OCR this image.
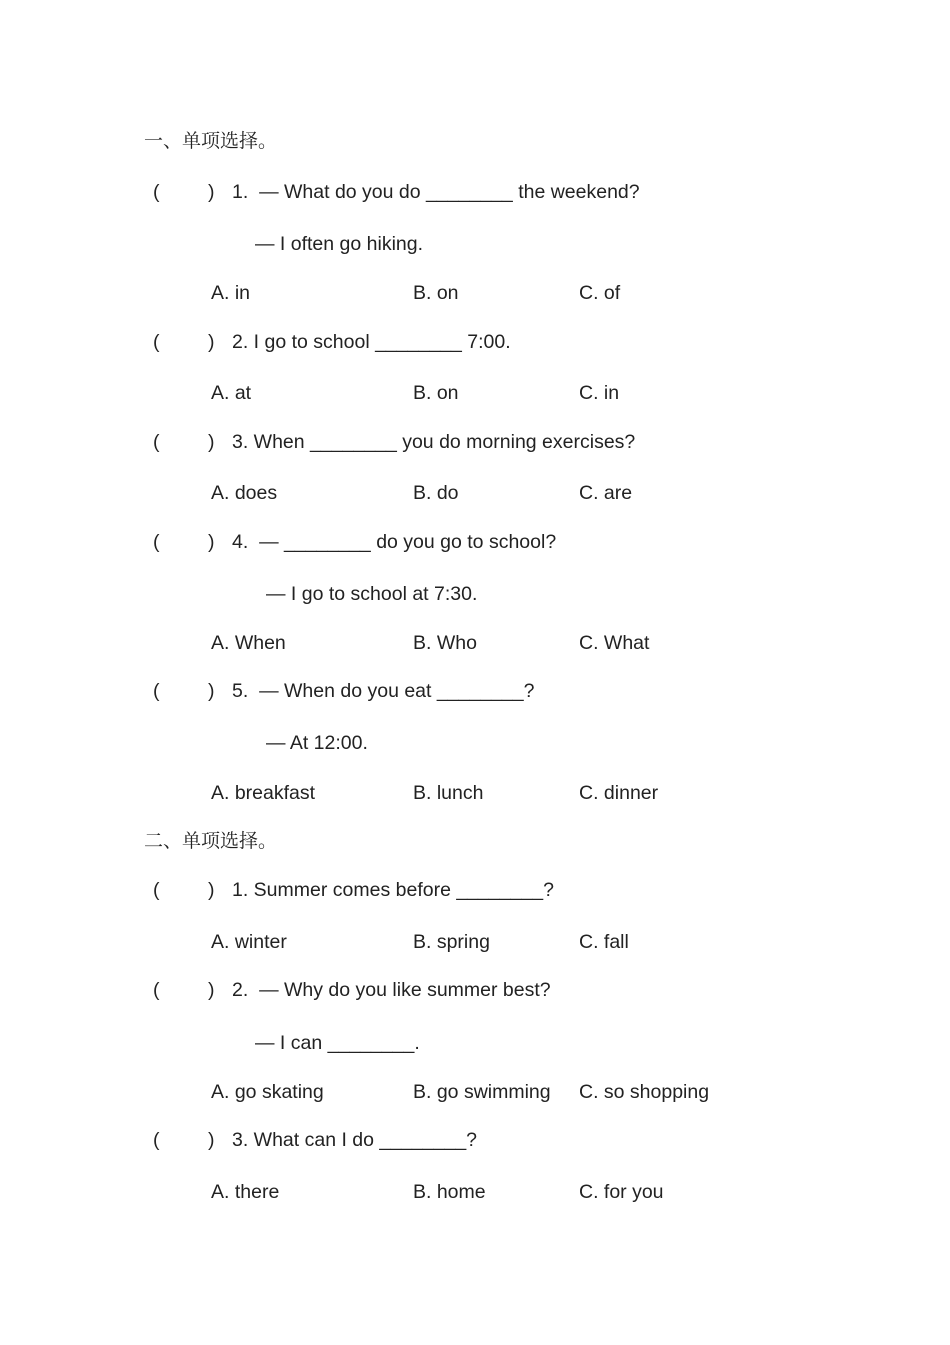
一、单项选择。
( ) 1.  — What do you do ________ the weekend?
— I often go hiking.
A. in	B. on	C. of
( ) 2. I go to school ________ 7:00.
A. at	B. on	C. in
( ) 3. When ________ you do morning exercises?
A. does	B. do	C. are
( ) 4.  — ________ do you go to school?
— I go to school at 7:30.
A. When	B. Who	C. What
( ) 5.  — When do you eat ________?
— At 12:00.
A. breakfast	B. lunch	C. dinner
二、单项选择。
( ) 1. Summer comes before ________?
A. winter	B. spring	C. fall
( ) 2.  — Why do you like summer best?
— I can ________.
A. go skating	B. go swimming C. so shopping
( ) 3. What can I do ________?
A. there	B. home	C. for you
